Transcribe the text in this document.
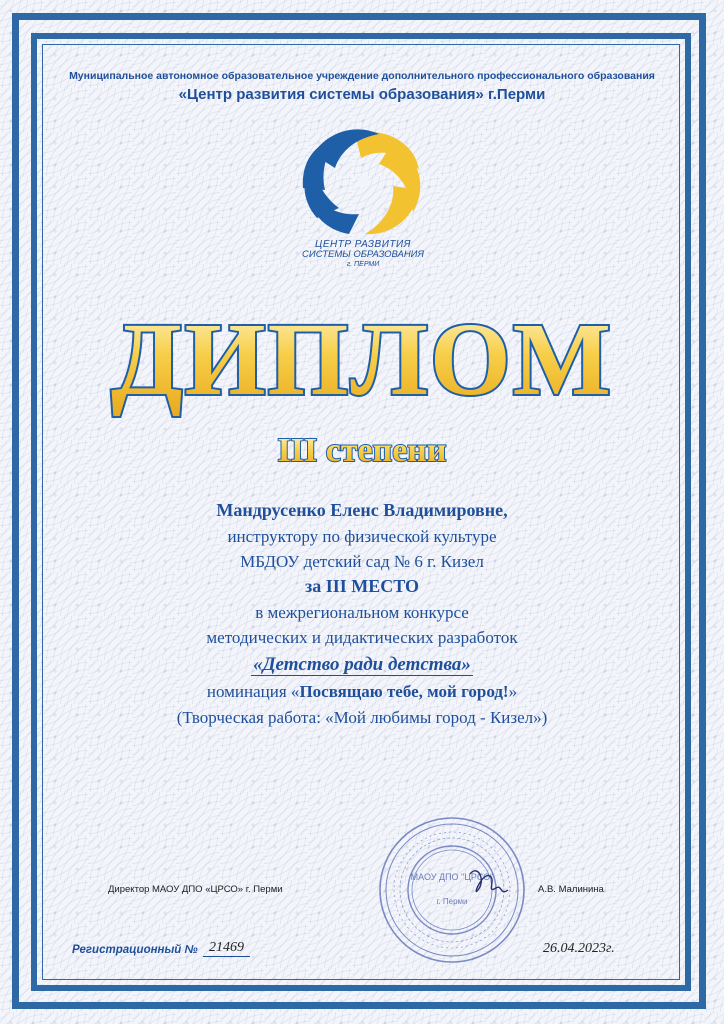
Муниципальное автономное образовательное учреждение дополнительного профессионального образования
«Центр развития системы образования» г.Перми
ЦЕНТР РАЗВИТИЯ
СИСТЕМЫ ОБРАЗОВАНИЯ
г. ПЕРМИ
ДИПЛОМ
III степени
Мандрусенко Еленс Владимировне,
инструктору по физической культуре
МБДОУ детский сад № 6 г. Кизел
за III МЕСТО
в межрегиональном конкурсе
методических и дидактических разработок
«Детство ради детства»
номинация «Посвящаю тебе, мой город!»
(Творческая работа: «Мой любимы город - Кизел»)
МАОУ ДПО "ЦРСО"
г. Перми
Директор МАОУ ДПО «ЦРСО» г. Перми	А.В. Малинина
Регистрационный № 21469	26.04.2023г.
